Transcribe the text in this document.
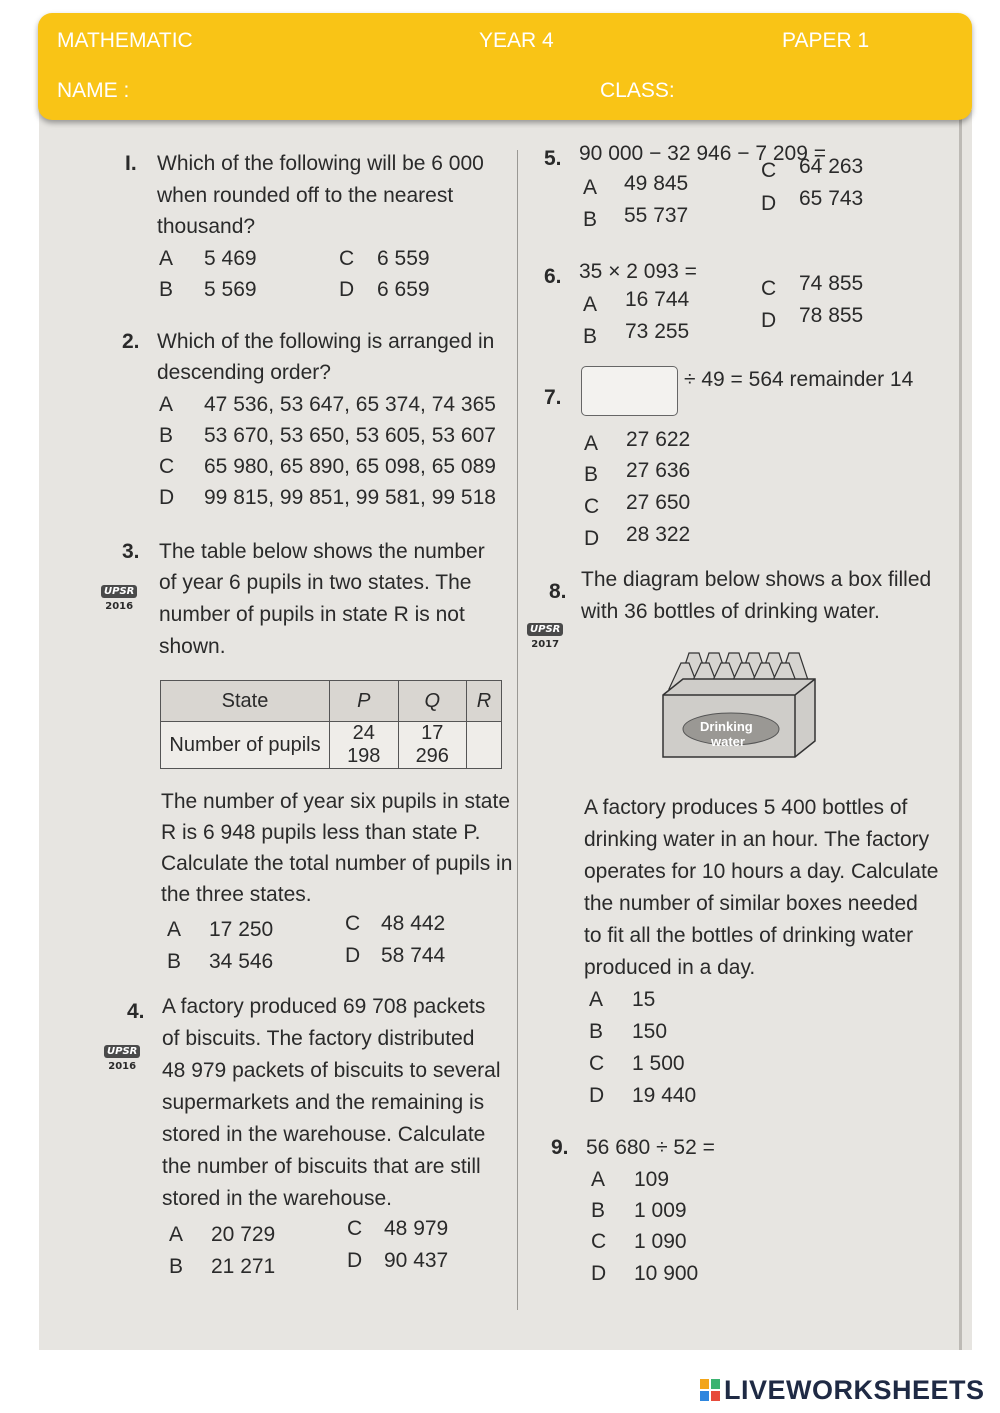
MATHEMATIC	YEAR 4	PAPER 1
NAME :	CLASS:
I. Which of the following will be 6 000
when rounded off to the nearest
thousand?
A 5 469	C 6 559
B 5 569	D 6 659
2. Which of the following is arranged in
descending order?
A 47 536, 53 647, 65 374, 74 365
B 53 670, 53 650, 53 605, 53 607
C 65 980, 65 890, 65 098, 65 089
D 99 815, 99 851, 99 581, 99 518
3. The table below shows the number
UPSR
2016
of year 6 pupils in two states. The
number of pupils in state R is not
shown.
State	P	Q	R
Number of pupils	24 198	17 296	
The number of year six pupils in state
R is 6 948 pupils less than state P.
Calculate the total number of pupils in
the three states.
A 17 250	C 48 442
B 34 546	D 58 744
4. A factory produced 69 708 packets
UPSR
2016
of biscuits. The factory distributed
48 979 packets of biscuits to several
supermarkets and the remaining is
stored in the warehouse. Calculate
the number of biscuits that are still
stored in the warehouse.
A 20 729	C 48 979
B 21 271	D 90 437
5. 90 000 − 32 946 − 7 209 =
A 49 845
C 64 263
B 55 737
D 65 743
6. 35 × 2 093 =
A 16 744	C 74 855
B 73 255	D 78 855
7.
÷ 49 = 564 remainder 14
A 27 622
B 27 636
C 27 650
D 28 322
8.
The diagram below shows a box filled
UPSR
2017
with 36 bottles of drinking water.
Drinking
water
A factory produces 5 400 bottles of
drinking water in an hour. The factory
operates for 10 hours a day. Calculate
the number of similar boxes needed
to fit all the bottles of drinking water
produced in a day.
A 15
B 150
C 1 500
D 19 440
9. 56 680 ÷ 52 =
A 109
B 1 009
C 1 090
D 10 900
LIVEWORKSHEETS
